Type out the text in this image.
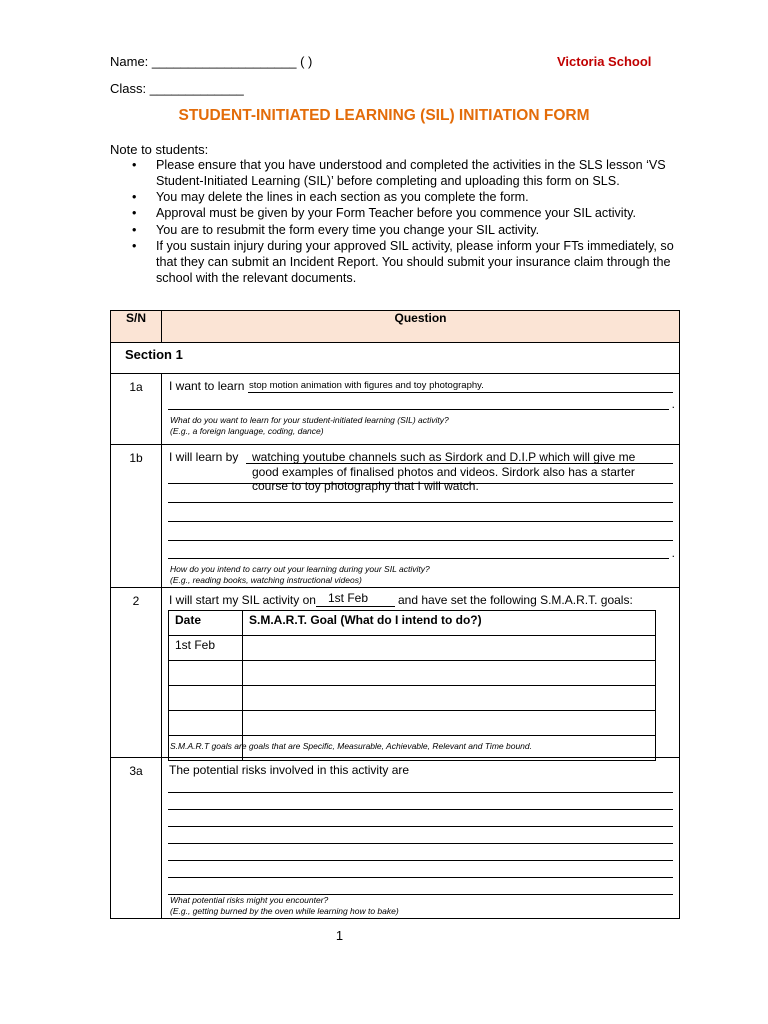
Name: ____________________ ( )	Victoria School
Class: _____________
STUDENT-INITIATED LEARNING (SIL) INITIATION FORM
Note to students:
• Please ensure that you have understood and completed the activities in the SLS lesson ‘VS Student-Initiated Learning (SIL)’ before completing and uploading this form on SLS.
• You may delete the lines in each section as you complete the form.
• Approval must be given by your Form Teacher before you commence your SIL activity.
• You are to resubmit the form every time you change your SIL activity.
• If you sustain injury during your approved SIL activity, please inform your FTs immediately, so that they can submit an Incident Report. You should submit your insurance claim through the school with the relevant documents.
S/N	Question
Section 1
1a	I want to learn stop motion animation with figures and toy photography.
.
What do you want to learn for your student-initiated learning (SIL) activity?
(E.g., a foreign language, coding, dance)

1b	I will learn by watching youtube channels such as Sirdork and D.I.P which will give me
good examples of finalised photos and videos. Sirdork also has a starter
course to toy photography that I will watch.
.
How do you intend to carry out your learning during your SIL activity?
(E.g., reading books, watching instructional videos)

2	I will start my SIL activity on 1st Feb and have set the following S.M.A.R.T. goals:
Date	S.M.A.R.T. Goal (What do I intend to do?)
1st Feb	

S.M.A.R.T goals are goals that are Specific, Measurable, Achievable, Relevant and Time bound.

3a	The potential risks involved in this activity are
What potential risks might you encounter?
(E.g., getting burned by the oven while learning how to bake)
1
